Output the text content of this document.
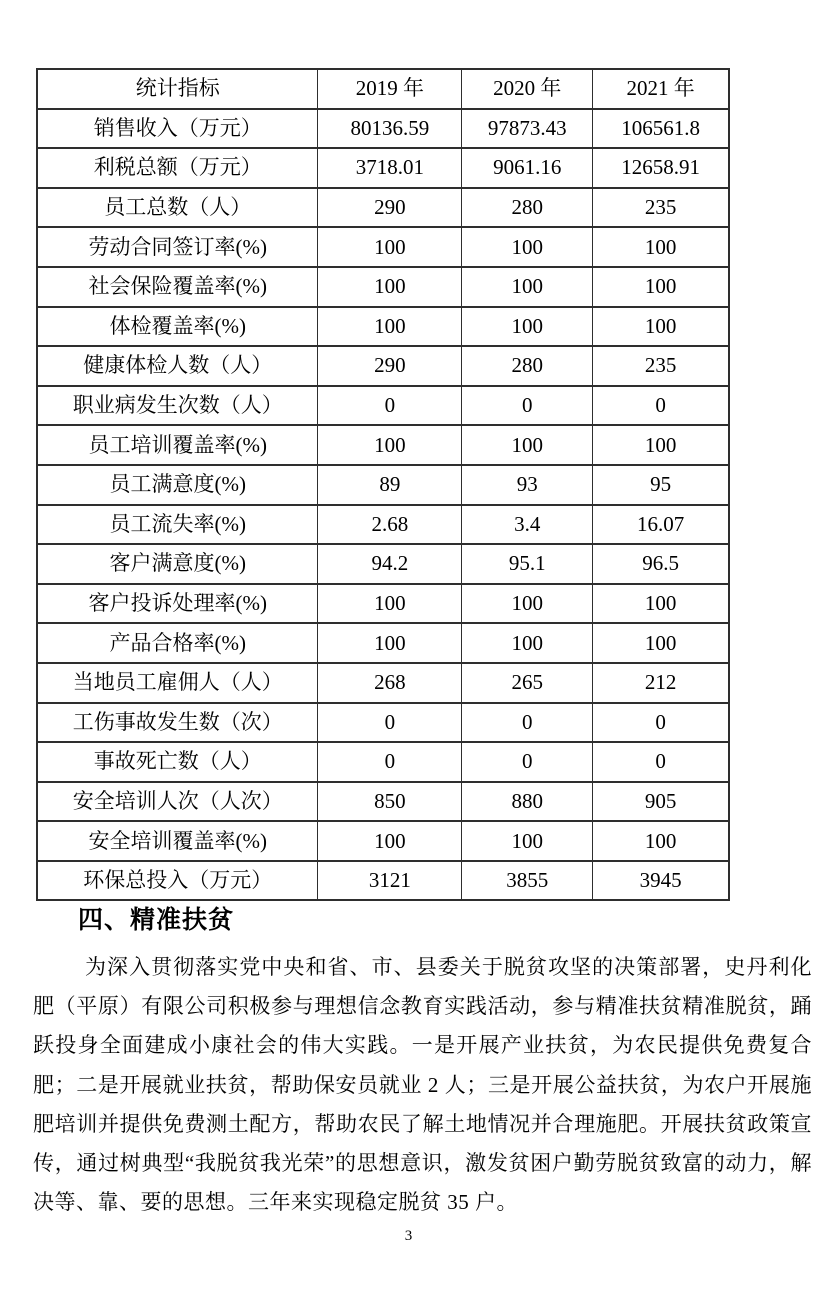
统计指标	2019 年	2020 年	2021 年
销售收入（万元）	80136.59	97873.43	106561.8
利税总额（万元）	3718.01	9061.16	12658.91
员工总数（人）	290	280	235
劳动合同签订率(%)	100	100	100
社会保险覆盖率(%)	100	100	100
体检覆盖率(%)	100	100	100
健康体检人数（人）	290	280	235
职业病发生次数（人）	0	0	0
员工培训覆盖率(%)	100	100	100
员工满意度(%)	89	93	95
员工流失率(%)	2.68	3.4	16.07
客户满意度(%)	94.2	95.1	96.5
客户投诉处理率(%)	100	100	100
产品合格率(%)	100	100	100
当地员工雇佣人（人）	268	265	212
工伤事故发生数（次）	0	0	0
事故死亡数（人）	0	0	0
安全培训人次（人次）	850	880	905
安全培训覆盖率(%)	100	100	100
环保总投入（万元）	3121	3855	3945
四、精准扶贫
为深入贯彻落实党中央和省、市、县委关于脱贫攻坚的决策部署，史丹利化肥（平原）有限公司积极参与理想信念教育实践活动，参与精准扶贫精准脱贫，踊跃投身全面建成小康社会的伟大实践。一是开展产业扶贫，为农民提供免费复合肥；二是开展就业扶贫，帮助保安员就业 2 人；三是开展公益扶贫，为农户开展施肥培训并提供免费测土配方，帮助农民了解土地情况并合理施肥。开展扶贫政策宣传，通过树典型“我脱贫我光荣”的思想意识，激发贫困户勤劳脱贫致富的动力，解决等、靠、要的思想。三年来实现稳定脱贫 35 户。
3
